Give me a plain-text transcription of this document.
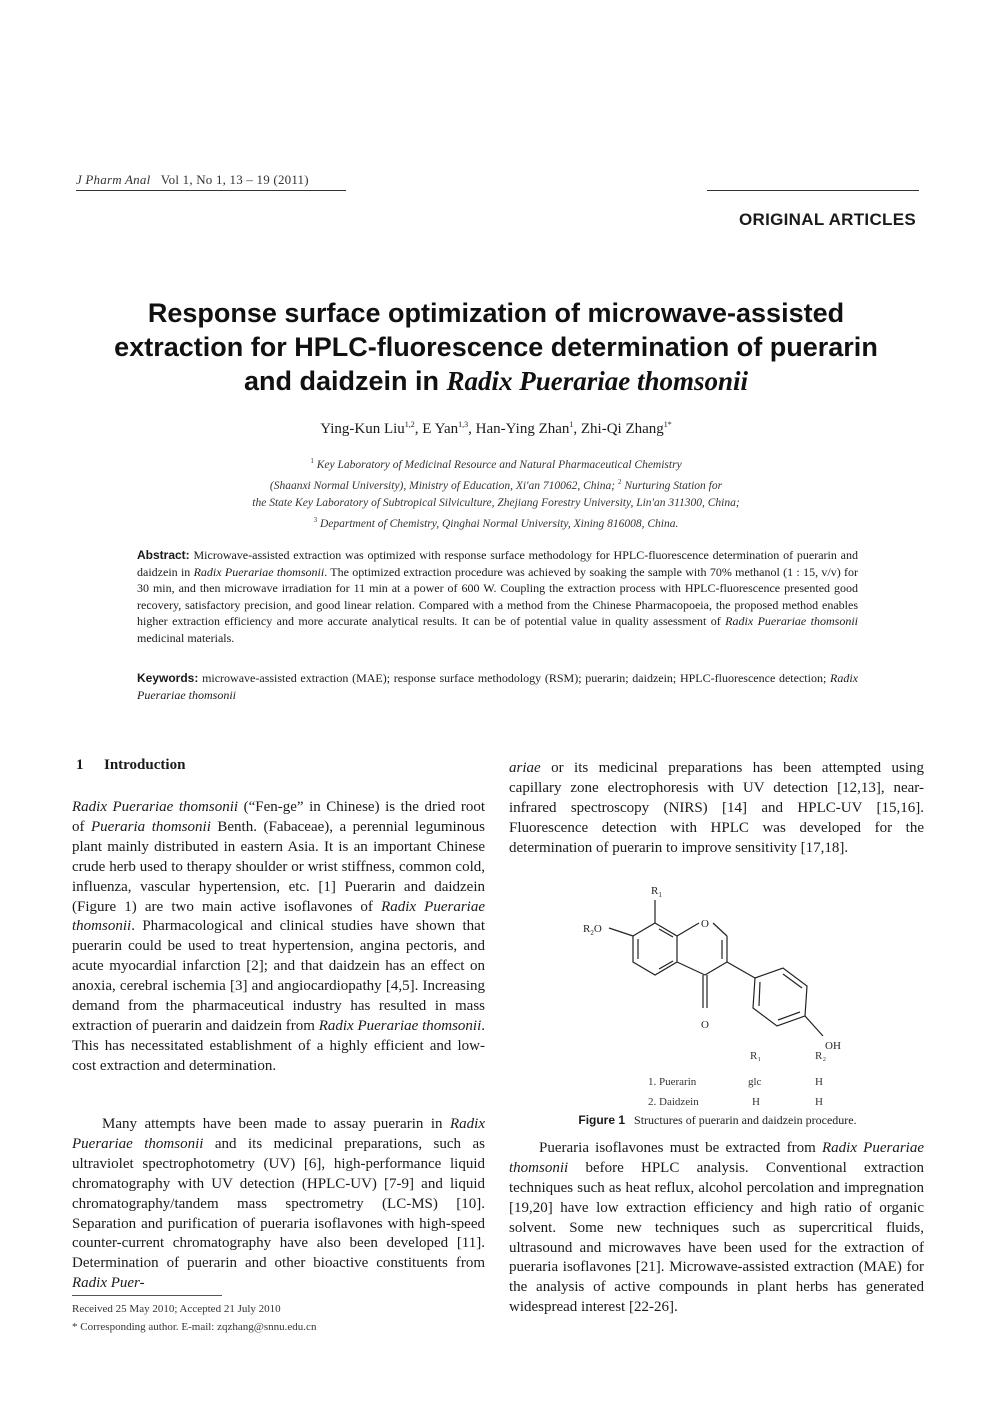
J Pharm Anal Vol 1, No 1, 13 – 19 (2011)
ORIGINAL ARTICLES
Response surface optimization of microwave-assisted
extraction for HPLC-fluorescence determination of puerarin
and daidzein in Radix Puerariae thomsonii
Ying-Kun Liu$^{1,2}$, E Yan$^{1,3}$, Han-Ying Zhan$^1$, Zhi-Qi Zhang$^{1*}$
$^1$ Key Laboratory of Medicinal Resource and Natural Pharmaceutical Chemistry
(Shaanxi Normal University), Ministry of Education, Xi'an 710062, China; $^2$ Nurturing Station for
the State Key Laboratory of Subtropical Silviculture, Zhejiang Forestry University, Lin'an 311300, China;
$^3$ Department of Chemistry, Qinghai Normal University, Xining 816008, China.
Abstract: Microwave-assisted extraction was optimized with response surface methodology for HPLC-fluorescence determination of puerarin and daidzein in Radix Puerariae thomsonii. The optimized extraction procedure was achieved by soaking the sample with 70% methanol (1 : 15, v/v) for 30 min, and then microwave irradiation for 11 min at a power of 600 W. Coupling the extraction process with HPLC-fluorescence presented good recovery, satisfactory precision, and good linear relation. Compared with a method from the Chinese Pharmacopoeia, the proposed method enables higher extraction efficiency and more accurate analytical results. It can be of potential value in quality assessment of Radix Puerariae thomsonii medicinal materials.
Keywords: microwave-assisted extraction (MAE); response surface methodology (RSM); puerarin; daidzein; HPLC-fluorescence detection; Radix Puerariae thomsonii
1 Introduction

Radix Puerariae thomsonii (“Fen-ge” in Chinese) is the dried root of Pueraria thomsonii Benth. (Fabaceae), a perennial leguminous plant mainly distributed in eastern Asia. It is an important Chinese crude herb used to therapy shoulder or wrist stiffness, common cold, influenza, vascular hypertension, etc. [1] Puerarin and daidzein (Figure 1) are two main active isoflavones of Radix Puerariae thomsonii. Pharmacological and clinical studies have shown that puerarin could be used to treat hypertension, angina pectoris, and acute myocardial infarction [2]; and that daidzein has an effect on anoxia, cerebral ischemia [3] and angiocardiopathy [4,5]. Increasing demand from the pharmaceutical industry has resulted in mass extraction of puerarin and daidzein from Radix Puerariae thomsonii. This has necessitated establishment of a highly efficient and low-cost extraction and determination.

Many attempts have been made to assay puerarin in Radix Puerariae thomsonii and its medicinal preparations, such as ultraviolet spectrophotometry (UV) [6], high-performance liquid chromatography with UV detection (HPLC-UV) [7-9] and liquid chromatography/tandem mass spectrometry (LC-MS) [10]. Separation and purification of pueraria isoflavones with high-speed counter-current chromatography have also been developed [11]. Determination of puerarin and other bioactive constituents from Radix Puer-

ariae or its medicinal preparations has been attempted using capillary zone electrophoresis with UV detection [12,13], near-infrared spectroscopy (NIRS) [14] and HPLC-UV [15,16]. Fluorescence detection with HPLC was developed for the determination of puerarin to improve sensitivity [17,18].

$R_1$
$R_2O$	O
O
OH
R₁	R₂
1. Puerarin	glc	H
2. Daidzein	H	H
Figure 1 Structures of puerarin and daidzein procedure.

Pueraria isoflavones must be extracted from Radix Puerariae thomsonii before HPLC analysis. Conventional extraction techniques such as heat reflux, alcohol percolation and impregnation [19,20] have low extraction efficiency and high ratio of organic solvent. Some new techniques such as supercritical fluids, ultrasound and microwaves have been used for the extraction of pueraria isoflavones [21]. Microwave-assisted extraction (MAE) for the analysis of active compounds in plant herbs has generated widespread interest [22-26].

Received 25 May 2010; Accepted 21 July 2010
* Corresponding author. E-mail: zqzhang@snnu.edu.cn
